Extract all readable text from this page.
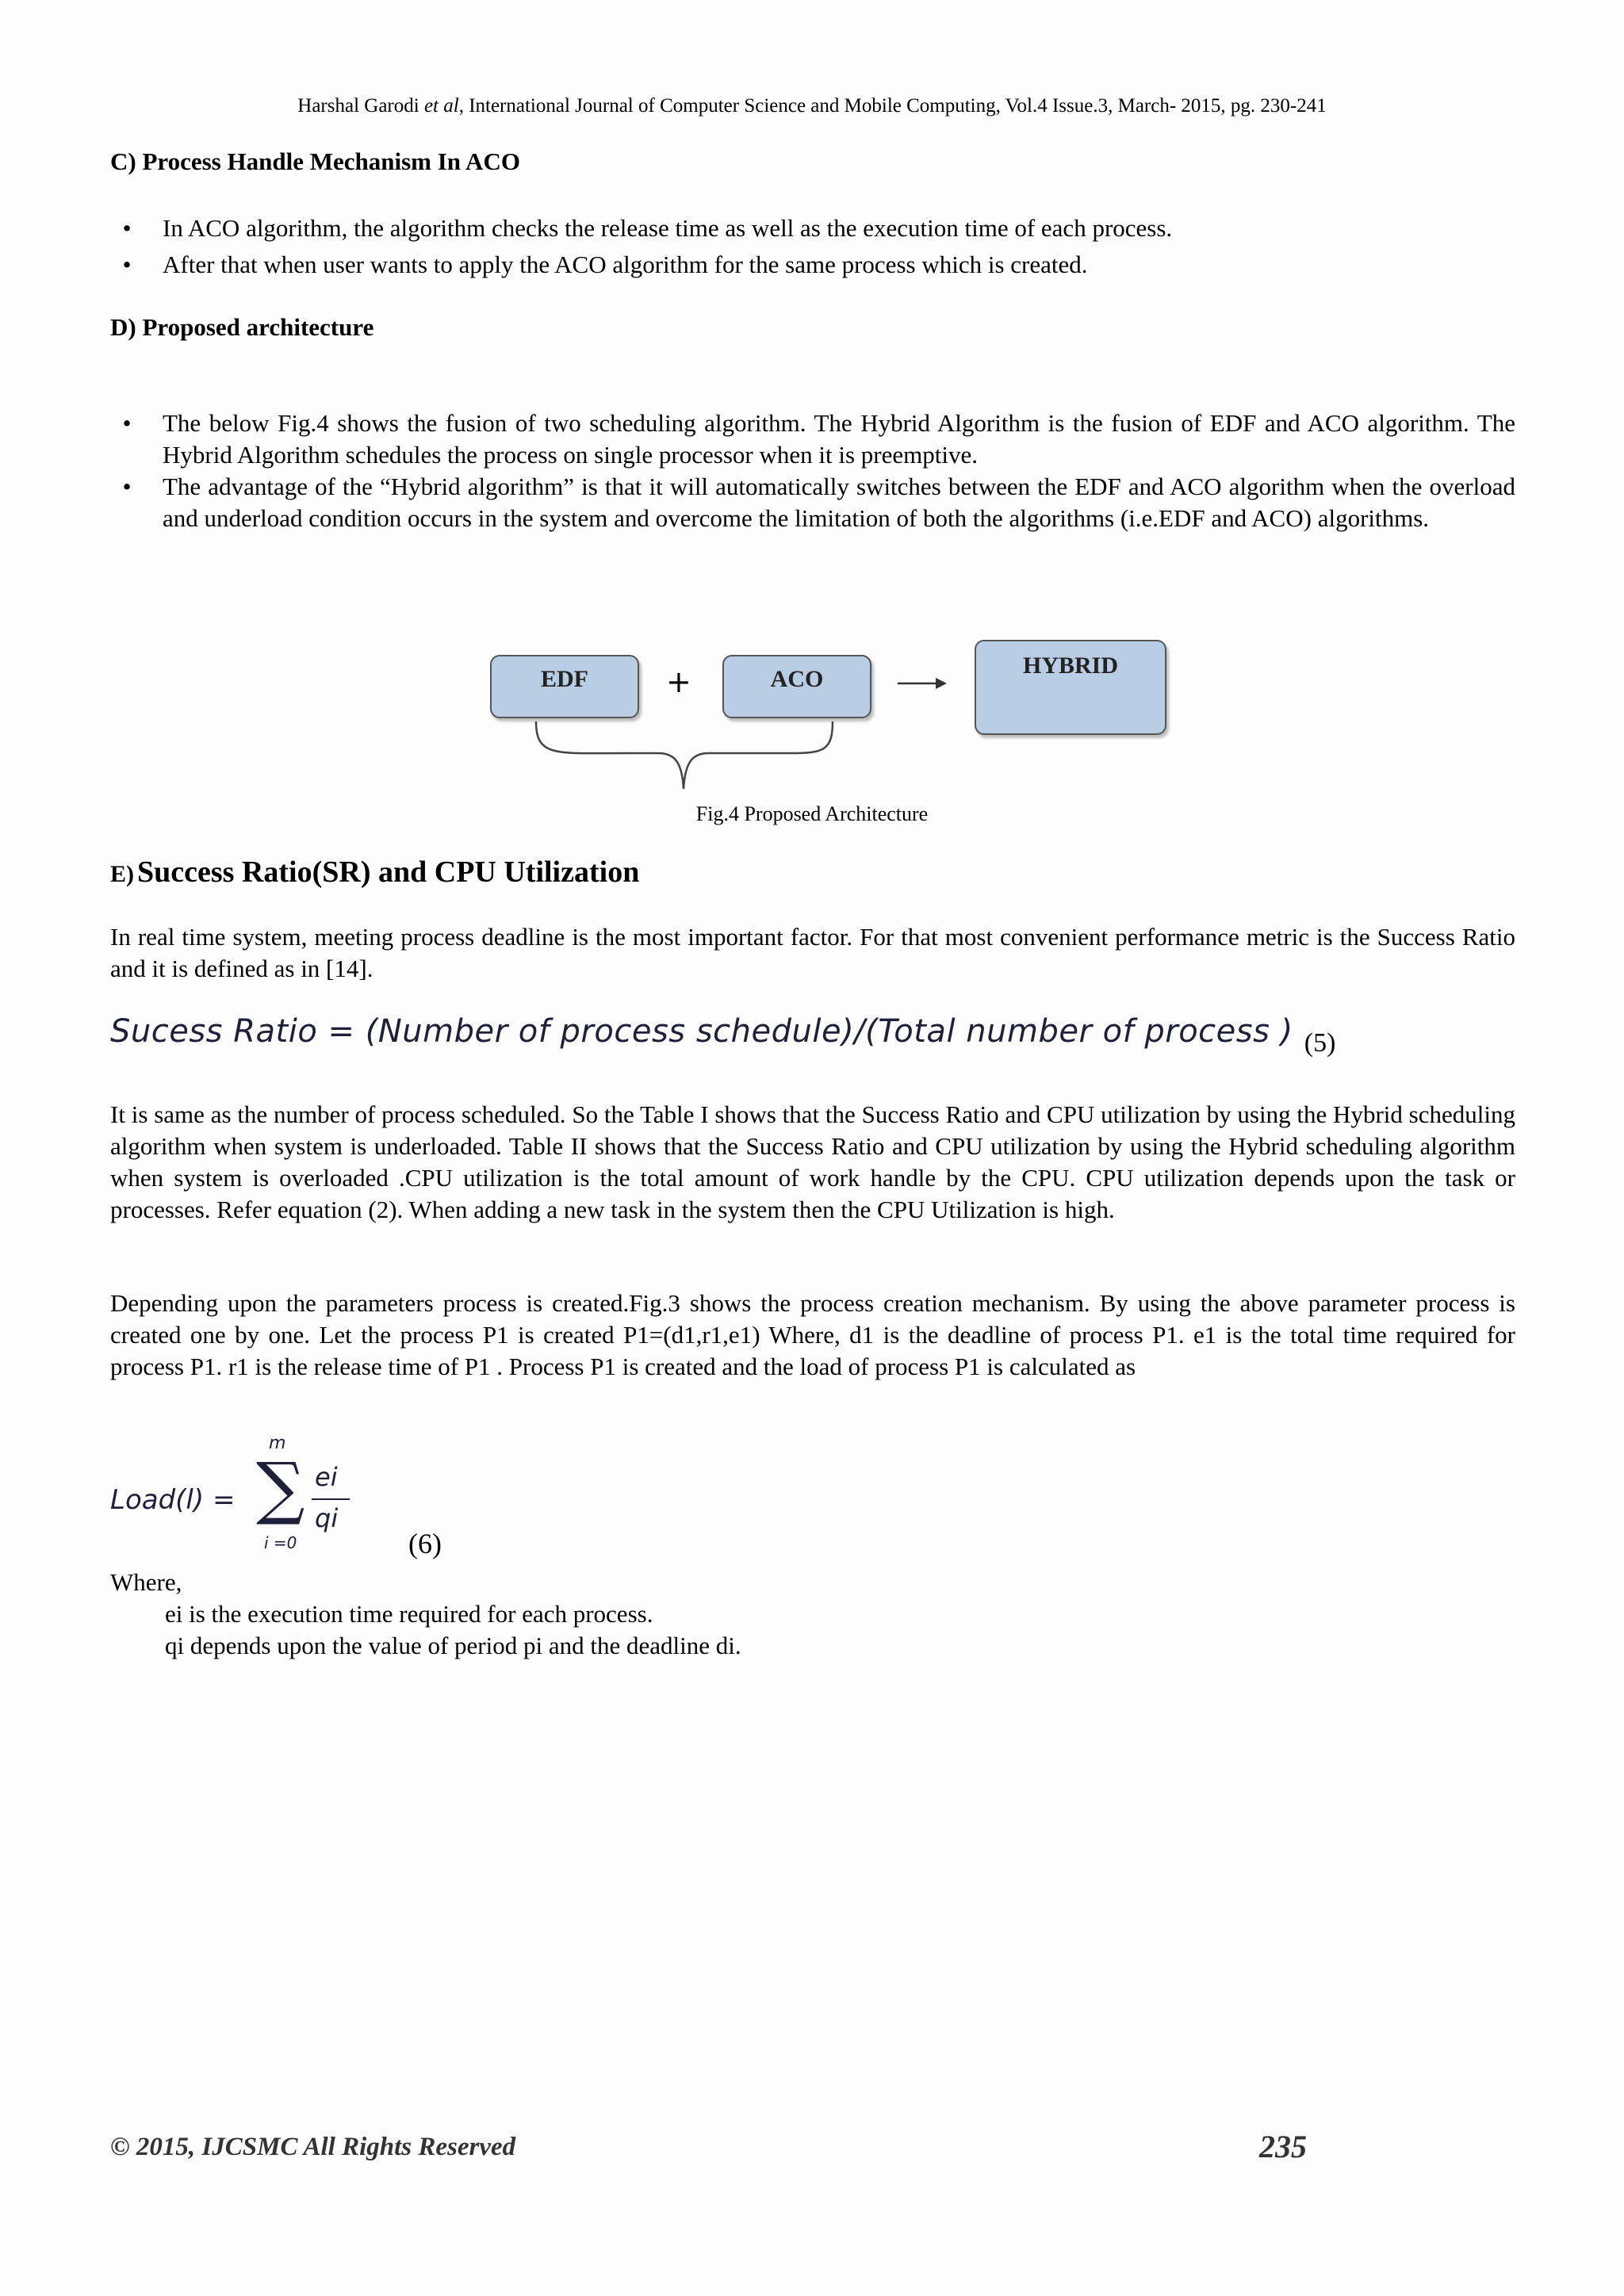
Harshal Garodi et al, International Journal of Computer Science and Mobile Computing, Vol.4 Issue.3, March- 2015, pg. 230-241
C) Process Handle Mechanism In ACO

• In ACO algorithm, the algorithm checks the release time as well as the execution time of each process.

• After that when user wants to apply the ACO algorithm for the same process which is created.

D) Proposed architecture

• The below Fig.4 shows the fusion of two scheduling algorithm. The Hybrid Algorithm is the fusion of EDF and ACO algorithm. The Hybrid Algorithm schedules the process on single processor when it is preemptive.

• The advantage of the “Hybrid algorithm” is that it will automatically switches between the EDF and ACO algorithm when the overload and underload condition occurs in the system and overcome the limitation of both the algorithms (i.e.EDF and ACO) algorithms.

EDF	+	ACO
HYBRID
Fig.4 Proposed Architecture
E) Success Ratio(SR) and CPU Utilization
In real time system, meeting process deadline is the most important factor. For that most convenient performance metric is the Success Ratio and it is defined as in [14].
Sucess Ratio = (Number of process schedule)/(Total number of process ) (5)
It is same as the number of process scheduled. So the Table I shows that the Success Ratio and CPU utilization by using the Hybrid scheduling algorithm when system is underloaded. Table II shows that the Success Ratio and CPU utilization by using the Hybrid scheduling algorithm when system is overloaded .CPU utilization is the total amount of work handle by the CPU. CPU utilization depends upon the task or processes. Refer equation (2). When adding a new task in the system then the CPU Utilization is high.
Depending upon the parameters process is created.Fig.3 shows the process creation mechanism. By using the above parameter process is created one by one. Let the process P1 is created P1=(d1,r1,e1) Where, d1 is the deadline of process P1. e1 is the total time required for process P1. r1 is the release time of P1 . Process P1 is created and the load of process P1 is calculated as
Load(l) =
m
∑
i =0
ei
qi
(6)
Where,
ei is the execution time required for each process.
qi depends upon the value of period pi and the deadline di.
© 2015, IJCSMC All Rights Reserved	235
